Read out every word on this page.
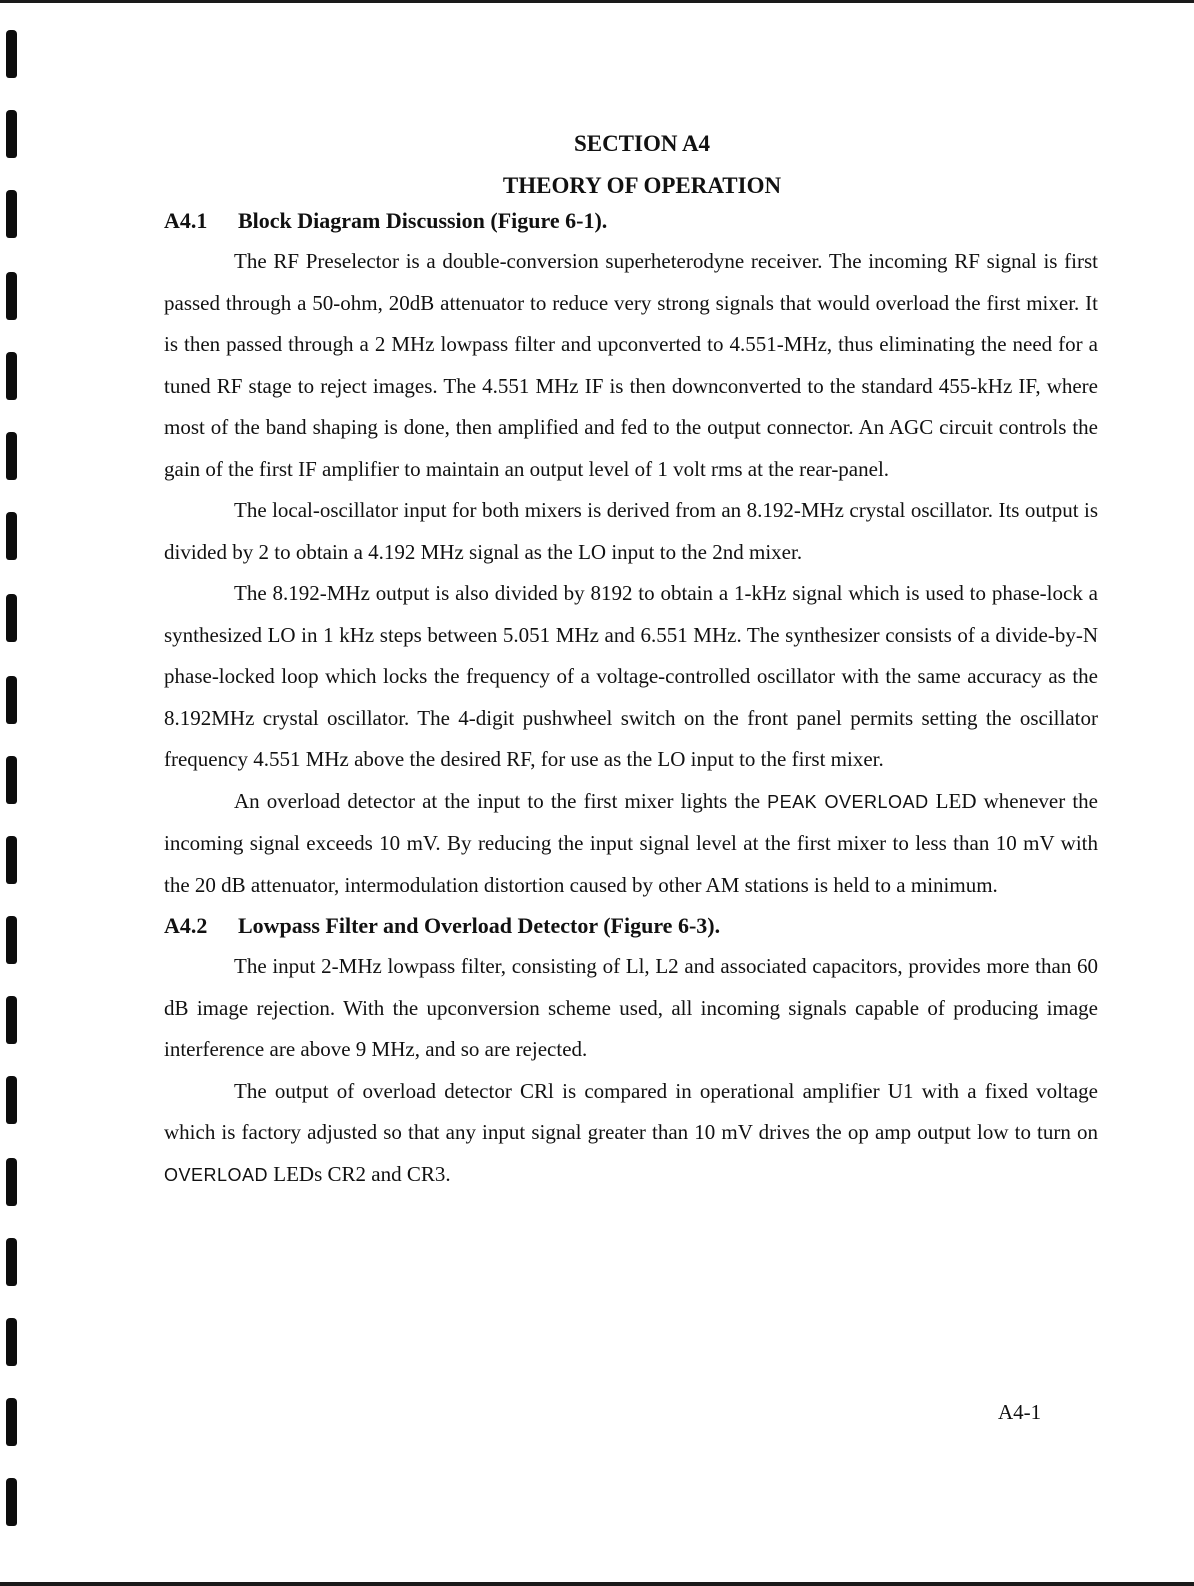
SECTION A4
THEORY OF OPERATION
A4.1 Block Diagram Discussion (Figure 6-1).

The RF Preselector is a double-conversion superheterodyne receiver. The incoming RF signal is first passed through a 50-ohm, 20dB attenuator to reduce very strong signals that would overload the first mixer. It is then passed through a 2 MHz lowpass filter and upconverted to 4.551-MHz, thus eliminating the need for a tuned RF stage to reject images. The 4.551 MHz IF is then downconverted to the standard 455-kHz IF, where most of the band shaping is done, then amplified and fed to the output connector. An AGC circuit controls the gain of the first IF amplifier to maintain an output level of 1 volt rms at the rear-panel.

The local-oscillator input for both mixers is derived from an 8.192-MHz crystal oscillator. Its output is divided by 2 to obtain a 4.192 MHz signal as the LO input to the 2nd mixer.

The 8.192-MHz output is also divided by 8192 to obtain a 1-kHz signal which is used to phase-lock a synthesized LO in 1 kHz steps between 5.051 MHz and 6.551 MHz. The synthesizer consists of a divide-by-N phase-locked loop which locks the frequency of a voltage-controlled oscillator with the same accuracy as the 8.192MHz crystal oscillator. The 4-digit pushwheel switch on the front panel permits setting the oscillator frequency 4.551 MHz above the desired RF, for use as the LO input to the first mixer.

An overload detector at the input to the first mixer lights the PEAK OVERLOAD LED whenever the incoming signal exceeds 10 mV. By reducing the input signal level at the first mixer to less than 10 mV with the 20 dB attenuator, intermodulation distortion caused by other AM stations is held to a minimum.

A4.2 Lowpass Filter and Overload Detector (Figure 6-3).

The input 2-MHz lowpass filter, consisting of Ll, L2 and associated capacitors, provides more than 60 dB image rejection. With the upconversion scheme used, all incoming signals capable of producing image interference are above 9 MHz, and so are rejected.

The output of overload detector CRl is compared in operational amplifier U1 with a fixed voltage which is factory adjusted so that any input signal greater than 10 mV drives the op amp output low to turn on OVERLOAD LEDs CR2 and CR3.

A4-1
